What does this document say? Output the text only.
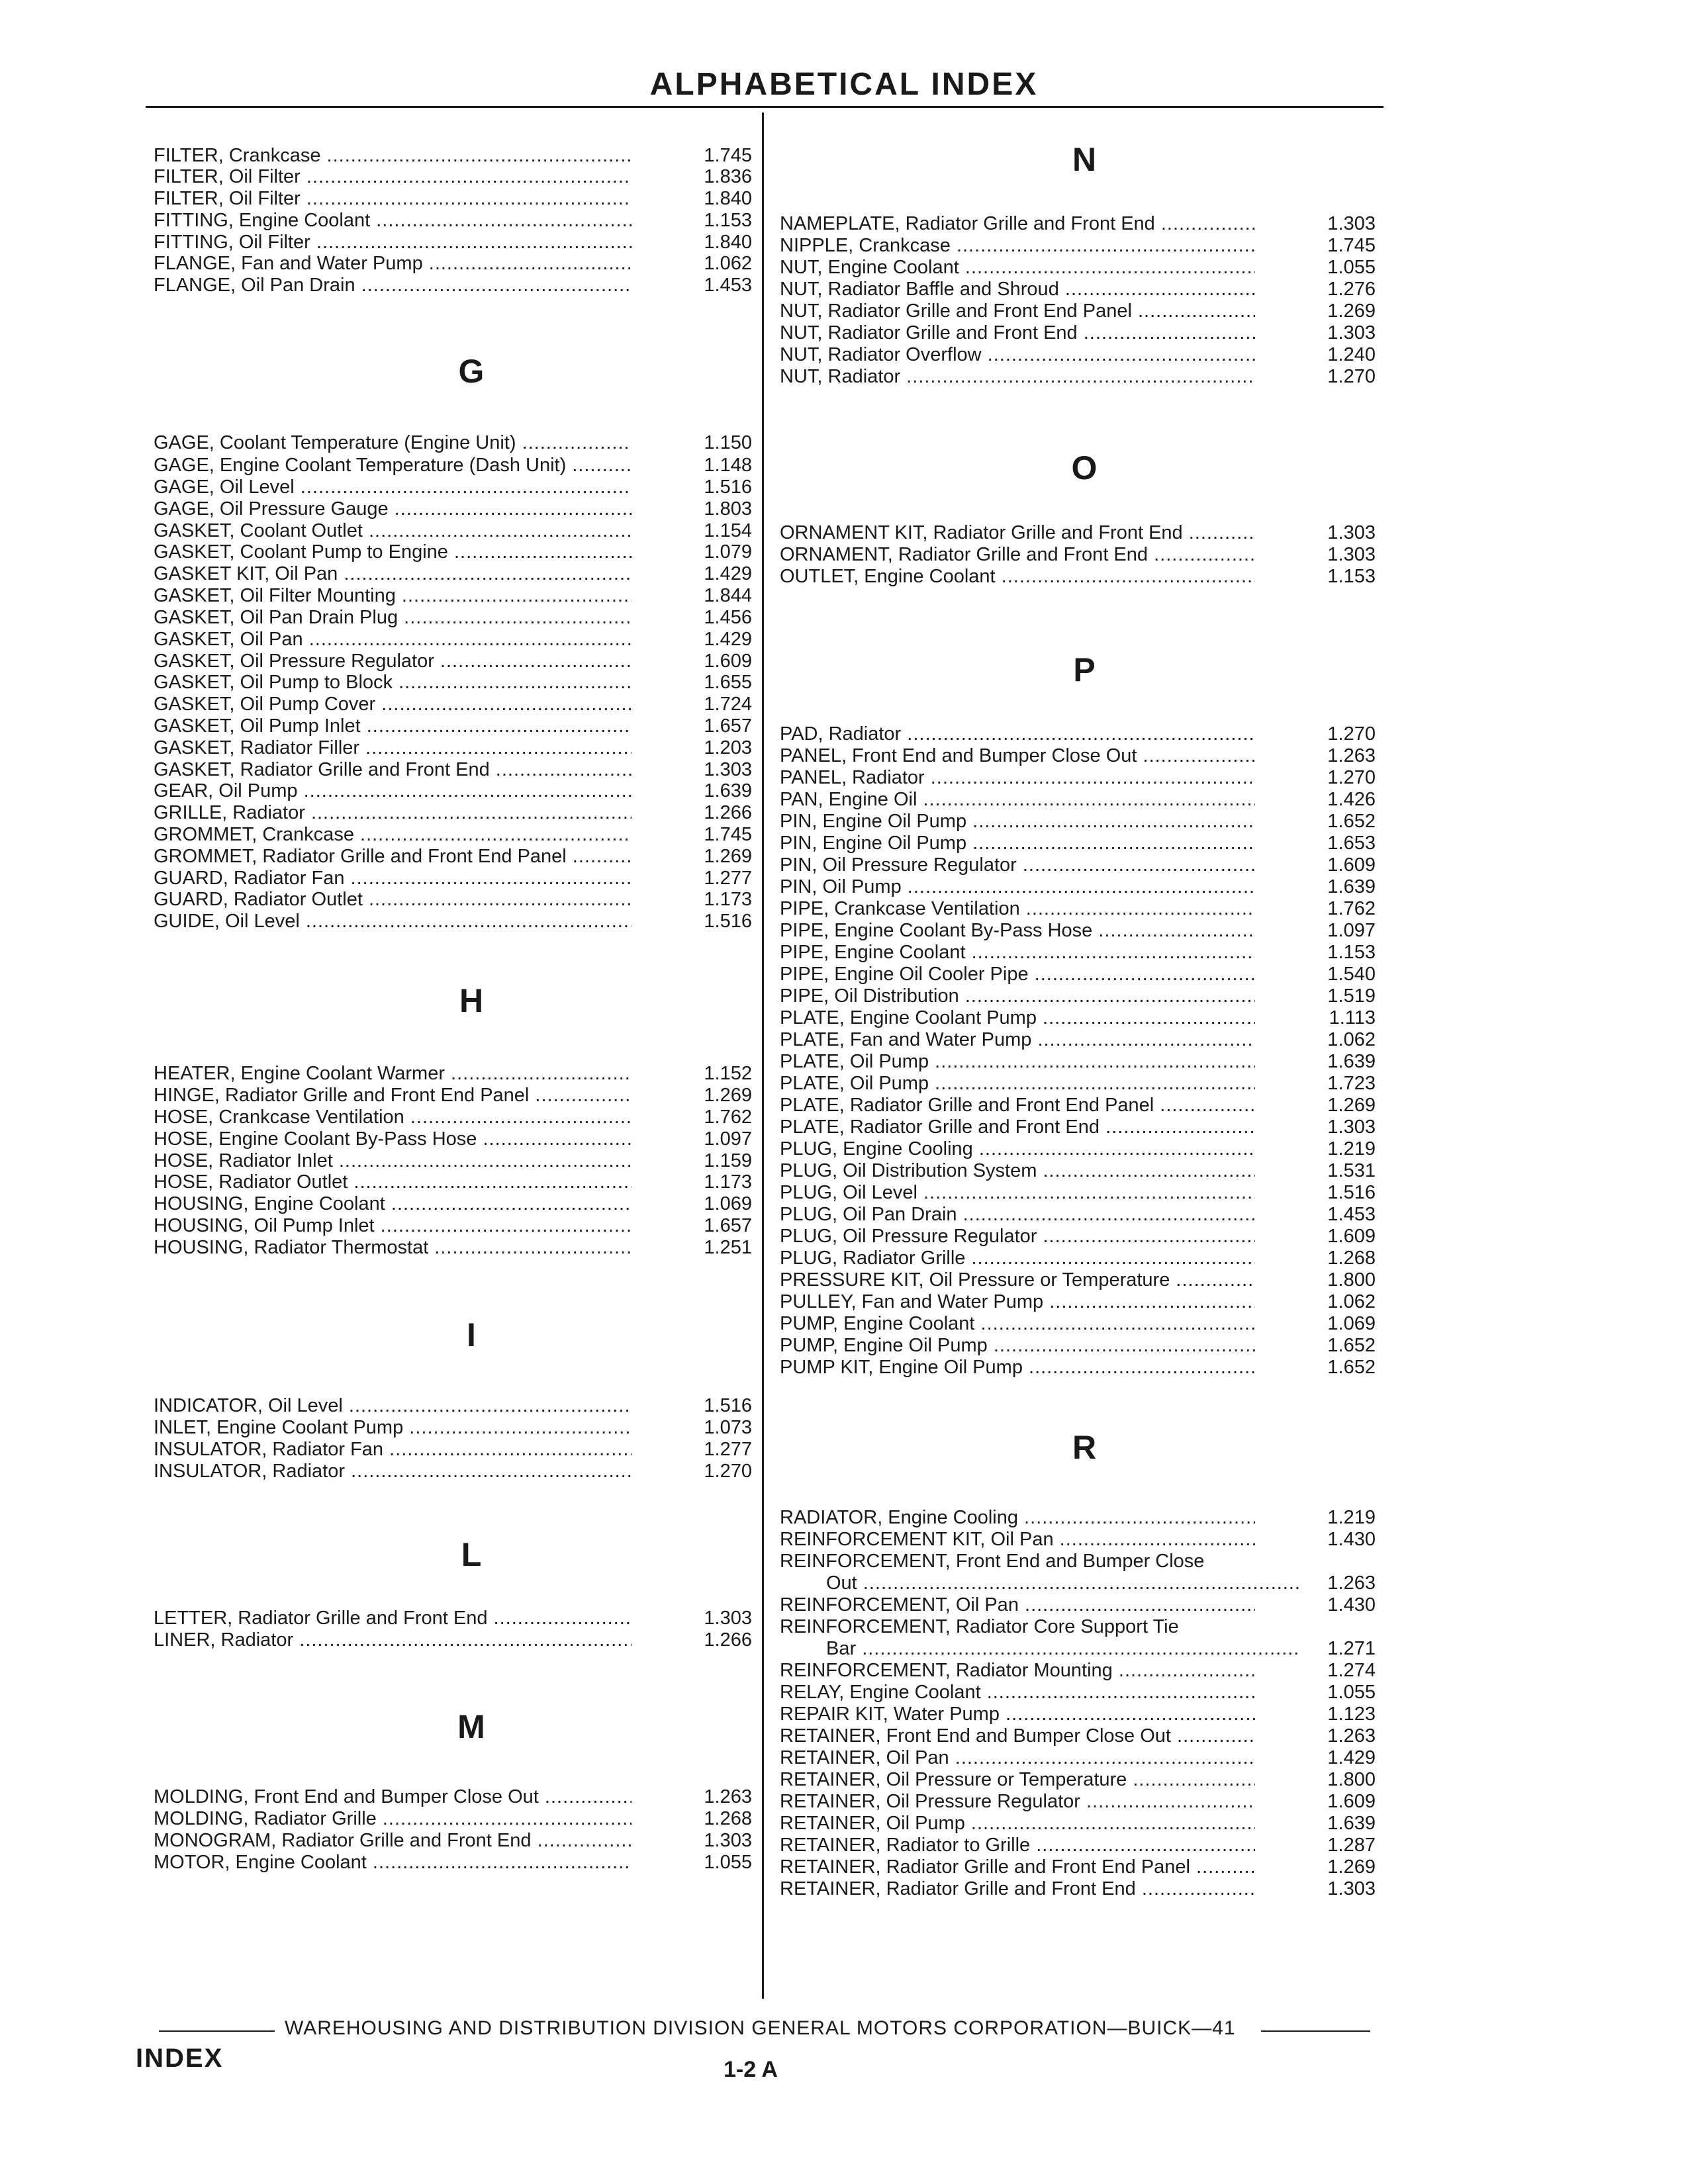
ALPHABETICAL INDEX
FILTER, Crankcase .....	1.745
FILTER, Oil Filter .....	1.836
FILTER, Oil Filter .....	1.840
FITTING, Engine Coolant .....	1.153
FITTING, Oil Filter .....	1.840
FLANGE, Fan and Water Pump .....	1.062
FLANGE, Oil Pan Drain .....	1.453
G
GAGE, Coolant Temperature (Engine Unit) .....	1.150
GAGE, Engine Coolant Temperature (Dash Unit) .....	1.148
GAGE, Oil Level .....	1.516
GAGE, Oil Pressure Gauge .....	1.803
GASKET, Coolant Outlet .....	1.154
GASKET, Coolant Pump to Engine .....	1.079
GASKET KIT, Oil Pan .....	1.429
GASKET, Oil Filter Mounting .....	1.844
GASKET, Oil Pan Drain Plug .....	1.456
GASKET, Oil Pan .....	1.429
GASKET, Oil Pressure Regulator .....	1.609
GASKET, Oil Pump to Block .....	1.655
GASKET, Oil Pump Cover .....	1.724
GASKET, Oil Pump Inlet .....	1.657
GASKET, Radiator Filler .....	1.203
GASKET, Radiator Grille and Front End .....	1.303
GEAR, Oil Pump .....	1.639
GRILLE, Radiator .....	1.266
GROMMET, Crankcase .....	1.745
GROMMET, Radiator Grille and Front End Panel .....	1.269
GUARD, Radiator Fan .....	1.277
GUARD, Radiator Outlet .....	1.173
GUIDE, Oil Level .....	1.516
H
HEATER, Engine Coolant Warmer .....	1.152
HINGE, Radiator Grille and Front End Panel .....	1.269
HOSE, Crankcase Ventilation .....	1.762
HOSE, Engine Coolant By-Pass Hose .....	1.097
HOSE, Radiator Inlet .....	1.159
HOSE, Radiator Outlet .....	1.173
HOUSING, Engine Coolant .....	1.069
HOUSING, Oil Pump Inlet .....	1.657
HOUSING, Radiator Thermostat .....	1.251
I
INDICATOR, Oil Level .....	1.516
INLET, Engine Coolant Pump .....	1.073
INSULATOR, Radiator Fan .....	1.277
INSULATOR, Radiator .....	1.270
L
LETTER, Radiator Grille and Front End .....	1.303
LINER, Radiator .....	1.266
M
MOLDING, Front End and Bumper Close Out .....	1.263
MOLDING, Radiator Grille .....	1.268
MONOGRAM, Radiator Grille and Front End .....	1.303
MOTOR, Engine Coolant .....	1.055
N
NAMEPLATE, Radiator Grille and Front End .....	1.303
NIPPLE, Crankcase .....	1.745
NUT, Engine Coolant .....	1.055
NUT, Radiator Baffle and Shroud .....	1.276
NUT, Radiator Grille and Front End Panel .....	1.269
NUT, Radiator Grille and Front End .....	1.303
NUT, Radiator Overflow .....	1.240
NUT, Radiator .....	1.270
O
ORNAMENT KIT, Radiator Grille and Front End .....	1.303
ORNAMENT, Radiator Grille and Front End .....	1.303
OUTLET, Engine Coolant .....	1.153
P
PAD, Radiator .....	1.270
PANEL, Front End and Bumper Close Out .....	1.263
PANEL, Radiator .....	1.270
PAN, Engine Oil .....	1.426
PIN, Engine Oil Pump .....	1.652
PIN, Engine Oil Pump .....	1.653
PIN, Oil Pressure Regulator .....	1.609
PIN, Oil Pump .....	1.639
PIPE, Crankcase Ventilation .....	1.762
PIPE, Engine Coolant By-Pass Hose .....	1.097
PIPE, Engine Coolant .....	1.153
PIPE, Engine Oil Cooler Pipe .....	1.540
PIPE, Oil Distribution .....	1.519
PLATE, Engine Coolant Pump .....	1.113
PLATE, Fan and Water Pump .....	1.062
PLATE, Oil Pump .....	1.639
PLATE, Oil Pump .....	1.723
PLATE, Radiator Grille and Front End Panel .....	1.269
PLATE, Radiator Grille and Front End .....	1.303
PLUG, Engine Cooling .....	1.219
PLUG, Oil Distribution System .....	1.531
PLUG, Oil Level .....	1.516
PLUG, Oil Pan Drain .....	1.453
PLUG, Oil Pressure Regulator .....	1.609
PLUG, Radiator Grille .....	1.268
PRESSURE KIT, Oil Pressure or Temperature .....	1.800
PULLEY, Fan and Water Pump .....	1.062
PUMP, Engine Coolant .....	1.069
PUMP, Engine Oil Pump .....	1.652
PUMP KIT, Engine Oil Pump .....	1.652
R
RADIATOR, Engine Cooling .....	1.219
REINFORCEMENT KIT, Oil Pan .....	1.430
REINFORCEMENT, Front End and Bumper Close
Out .....	1.263
REINFORCEMENT, Oil Pan .....	1.430
REINFORCEMENT, Radiator Core Support Tie
Bar .....	1.271
REINFORCEMENT, Radiator Mounting .....	1.274
RELAY, Engine Coolant .....	1.055
REPAIR KIT, Water Pump .....	1.123
RETAINER, Front End and Bumper Close Out .....	1.263
RETAINER, Oil Pan .....	1.429
RETAINER, Oil Pressure or Temperature .....	1.800
RETAINER, Oil Pressure Regulator .....	1.609
RETAINER, Oil Pump .....	1.639
RETAINER, Radiator to Grille .....	1.287
RETAINER, Radiator Grille and Front End Panel .....	1.269
RETAINER, Radiator Grille and Front End .....	1.303
WAREHOUSING AND DISTRIBUTION DIVISION GENERAL MOTORS CORPORATION—BUICK—41
INDEX	1-2 A
